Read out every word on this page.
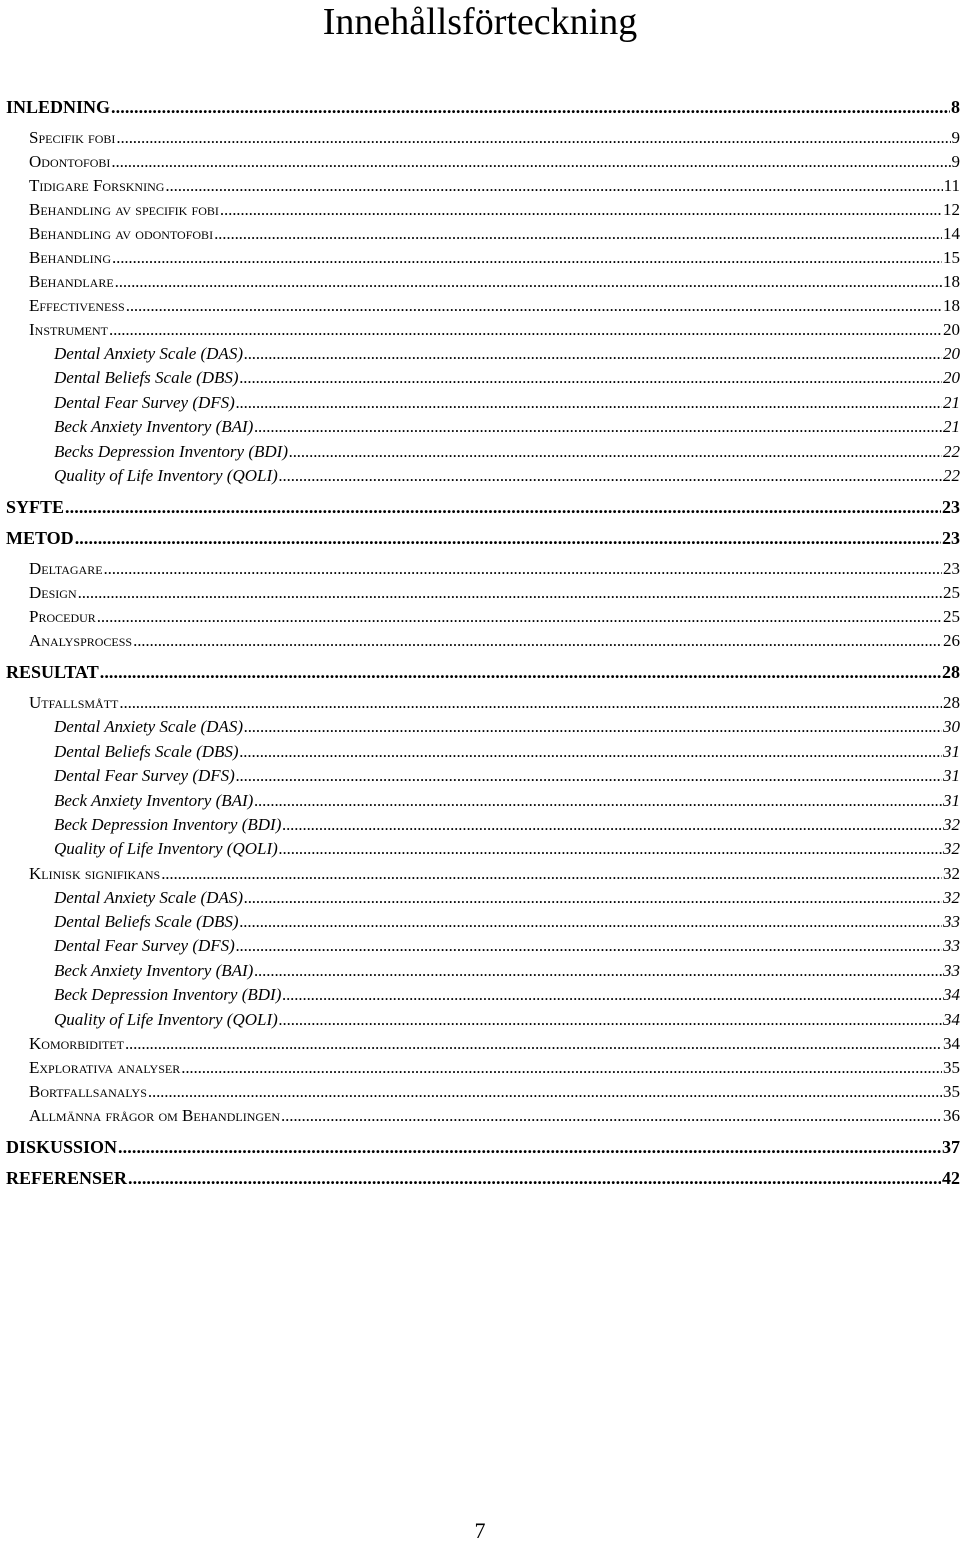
Innehållsförteckning
INLEDNING . . .	8
Specifik fobi . . .	9
Odontofobi . . .	9
Tidigare Forskning . . .	11
Behandling av specifik fobi . . .	12
Behandling av odontofobi . . .	14
Behandling . . .	15
Behandlare . . .	18
Effectiveness . . .	18
Instrument . . .	20
Dental Anxiety Scale (DAS) . . .	20
Dental Beliefs Scale (DBS) . . .	20
Dental Fear Survey (DFS) . . .	21
Beck Anxiety Inventory (BAI) . . .	21
Becks Depression Inventory (BDI) . . .	22
Quality of Life Inventory (QOLI) . . .	22
SYFTE . . .	23
METOD . . .	23
Deltagare . . .	23
Design . . .	25
Procedur . . .	25
Analysprocess . . .	26
RESULTAT . . .	28
Utfallsmått . . .	28
Dental Anxiety Scale (DAS) . . .	30
Dental Beliefs Scale (DBS) . . .	31
Dental Fear Survey (DFS) . . .	31
Beck Anxiety Inventory (BAI) . . .	31
Beck Depression Inventory (BDI) . . .	32
Quality of Life Inventory (QOLI) . . .	32
Klinisk signifikans . . .	32
Dental Anxiety Scale (DAS) . . .	32
Dental Beliefs Scale (DBS) . . .	33
Dental Fear Survey (DFS) . . .	33
Beck Anxiety Inventory (BAI) . . .	33
Beck Depression Inventory (BDI) . . .	34
Quality of Life Inventory (QOLI) . . .	34
Komorbiditet . . .	34
Explorativa analyser . . .	35
Bortfallsanalys . . .	35
Allmänna frågor om Behandlingen . . .	36
DISKUSSION . . .	37
REFERENSER . . .	42
7
